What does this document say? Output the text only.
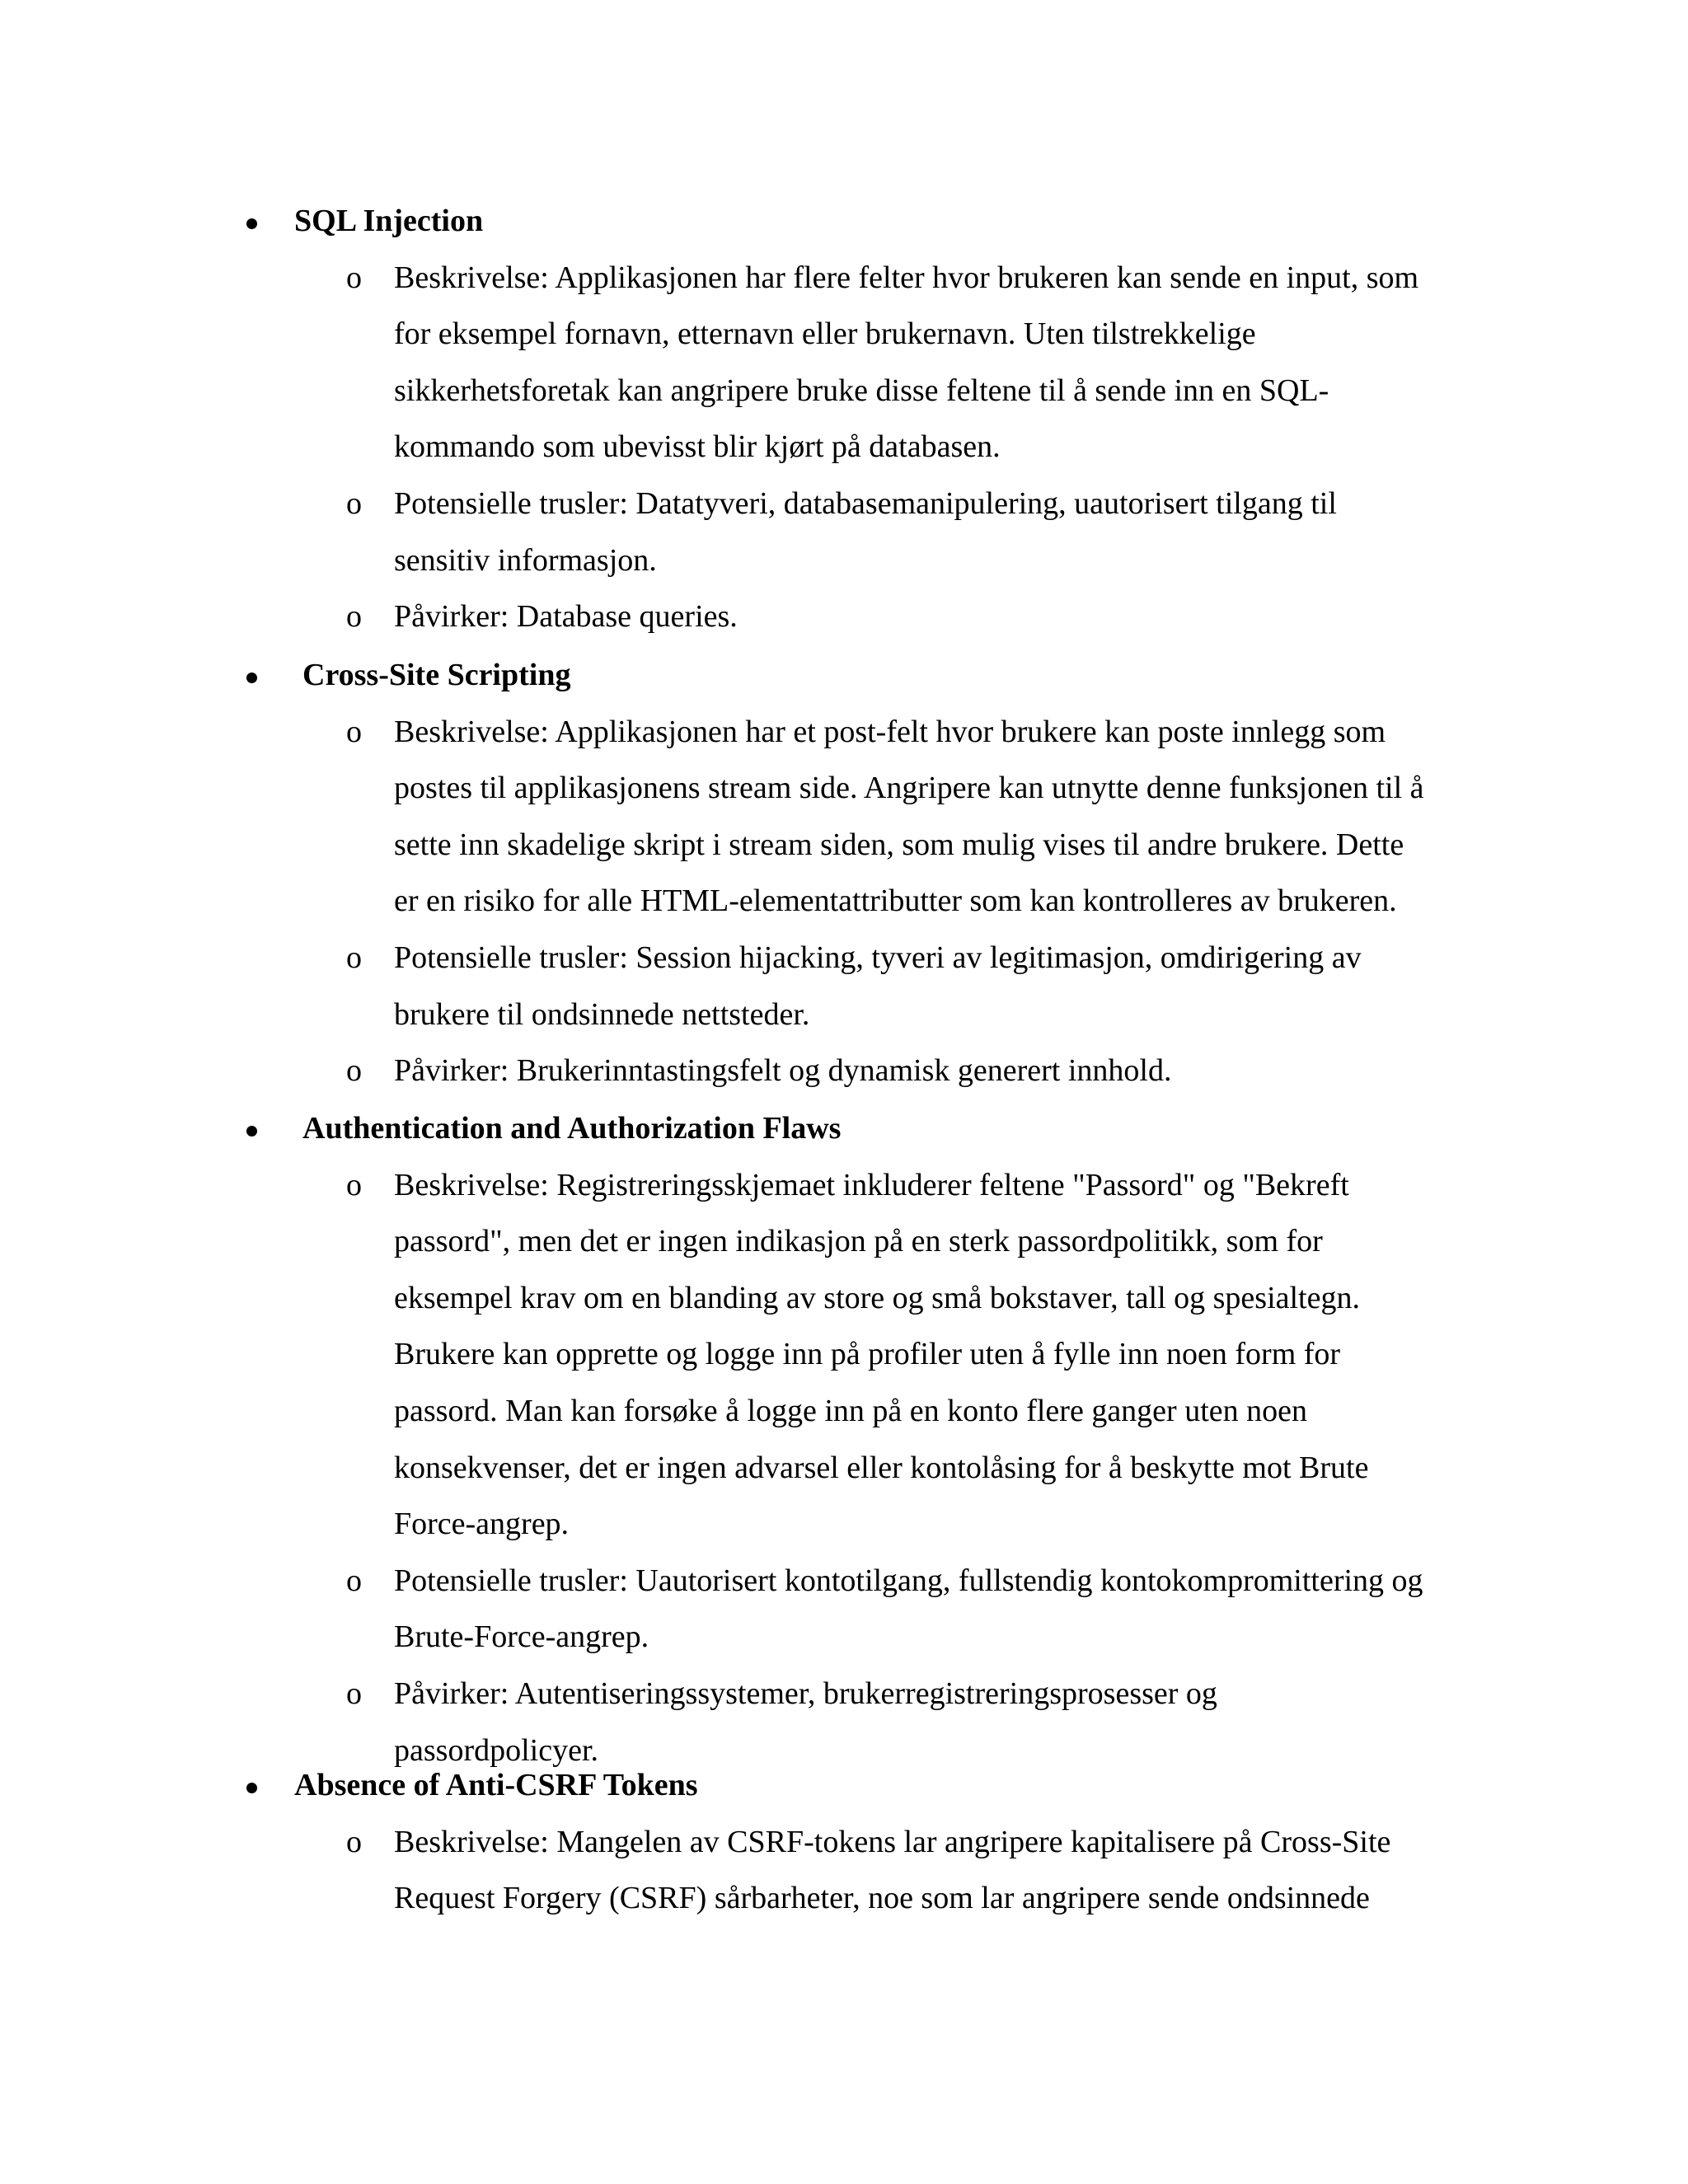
SQL Injection
o Beskrivelse: Applikasjonen har flere felter hvor brukeren kan sende en input, som
for eksempel fornavn, etternavn eller brukernavn. Uten tilstrekkelige
sikkerhetsforetak kan angripere bruke disse feltene til å sende inn en SQL-
kommando som ubevisst blir kjørt på databasen.
o Potensielle trusler: Datatyveri, databasemanipulering, uautorisert tilgang til
sensitiv informasjon.
o Påvirker: Database queries.
Cross-Site Scripting
o Beskrivelse: Applikasjonen har et post-felt hvor brukere kan poste innlegg som
postes til applikasjonens stream side. Angripere kan utnytte denne funksjonen til å
sette inn skadelige skript i stream siden, som mulig vises til andre brukere. Dette
er en risiko for alle HTML-elementattributter som kan kontrolleres av brukeren.
o Potensielle trusler: Session hijacking, tyveri av legitimasjon, omdirigering av
brukere til ondsinnede nettsteder.
o Påvirker: Brukerinntastingsfelt og dynamisk generert innhold.
Authentication and Authorization Flaws
o Beskrivelse: Registreringsskjemaet inkluderer feltene "Passord" og "Bekreft
passord", men det er ingen indikasjon på en sterk passordpolitikk, som for
eksempel krav om en blanding av store og små bokstaver, tall og spesialtegn.
Brukere kan opprette og logge inn på profiler uten å fylle inn noen form for
passord. Man kan forsøke å logge inn på en konto flere ganger uten noen
konsekvenser, det er ingen advarsel eller kontolåsing for å beskytte mot Brute
Force-angrep.
o Potensielle trusler: Uautorisert kontotilgang, fullstendig kontokompromittering og
Brute-Force-angrep.
o Påvirker: Autentiseringssystemer, brukerregistreringsprosesser og
passordpolicyer.
Absence of Anti-CSRF Tokens
o Beskrivelse: Mangelen av CSRF-tokens lar angripere kapitalisere på Cross-Site
Request Forgery (CSRF) sårbarheter, noe som lar angripere sende ondsinnede
